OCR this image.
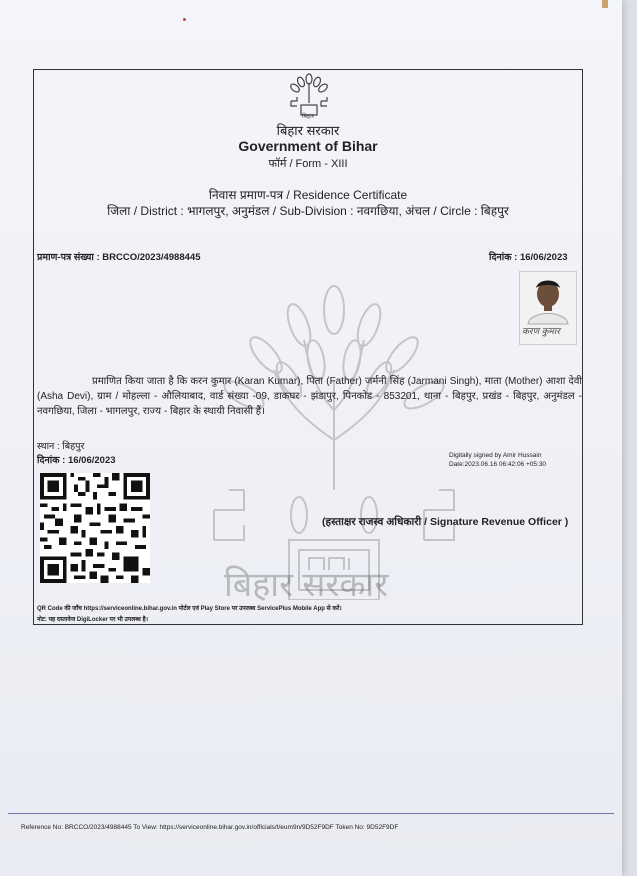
बिहार सरकार
बिहार
बिहार सरकार
Government of Bihar
फॉर्म / Form - XIII
निवास प्रमाण-पत्र / Residence Certificate
जिला / District : भागलपुर, अनुमंडल / Sub-Division : नवगछिया, अंचल / Circle : बिहपुर
प्रमाण-पत्र संख्या : BRCCO/2023/4988445	दिनांक : 16/06/2023
करण कुमार
प्रमाणित किया जाता है कि करन कुमार (Karan Kumar), पिता (Father) जर्मनी सिंह (Jarmani Singh), माता (Mother) आशा देवी (Asha Devi), ग्राम / मोहल्ला - औलियाबाद, वार्ड संख्या -09, डाकघर - झंडापुर, पिनकोड - 853201, थाना - बिहपुर, प्रखंड - बिहपुर, अनुमंडल - नवगछिया, जिला - भागलपुर, राज्य - बिहार के स्थायी निवासी हैं।
स्थान : बिहपुर
दिनांक : 16/06/2023	Digitally signed by Amir Hussain
Date:2023.06.16 06:42:06 +05:30
(हस्ताक्षर राजस्व अधिकारी / Signature Revenue Officer )
QR Code की जाँच https://serviceonline.bihar.gov.in पोर्टल एवं Play Store पर उपलब्ध ServicePlus Mobile App से करें।
नोट: यह दस्तावेज DigiLocker पर भी उपलब्ध है।
Reference No: BRCCO/2023/4988445 To View: https://serviceonline.bihar.gov.in/officials/t/eum9n/9D52F9DF Token No: 9D52F9DF
